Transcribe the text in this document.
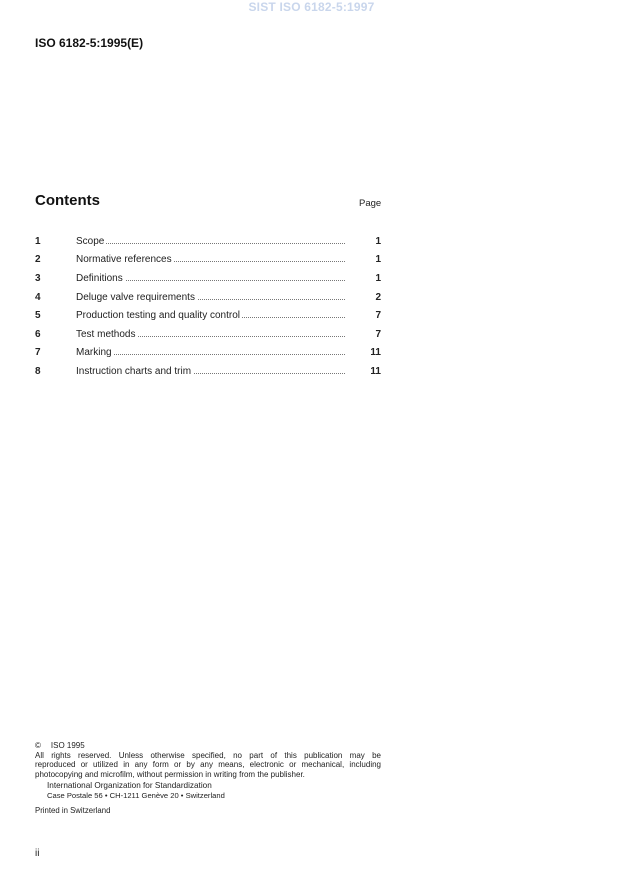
SIST ISO 6182-5:1997
ISO 6182-5:1995(E)
Contents	Page
1	Scope	1
2	Normative references	1
3	Definitions	1
4	Deluge valve requirements	2
5	Production testing and quality control	7
6	Test methods	7
7	Marking	11
8	Instruction charts and trim	11
© ISO 1995
All rights reserved. Unless otherwise specified, no part of this publication may be
reproduced or utilized in any form or by any means, electronic or mechanical, including
photocopying and microfilm, without permission in writing from the publisher.
International Organization for Standardization
Case Postale 56 • CH-1211 Genève 20 • Switzerland
Printed in Switzerland
ii
